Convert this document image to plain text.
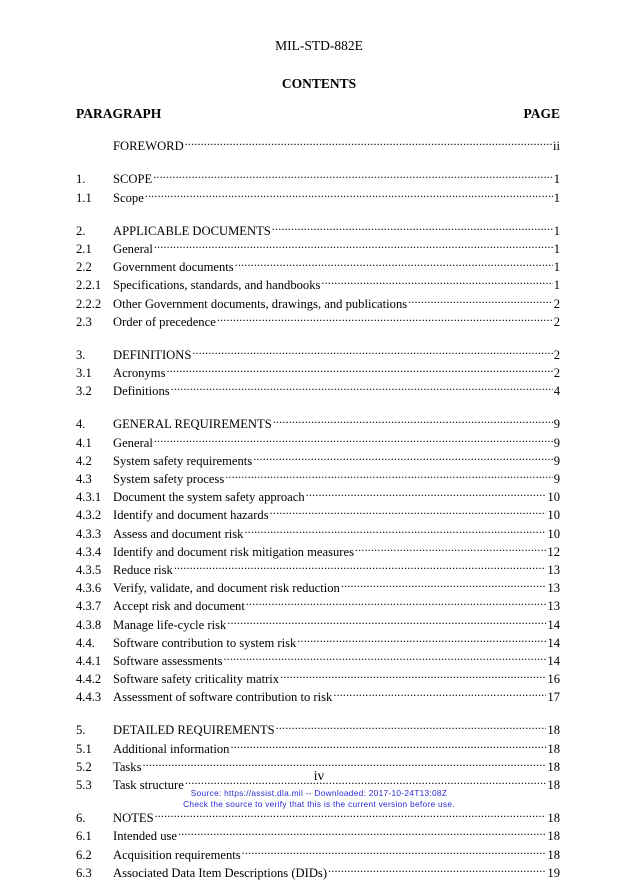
MIL-STD-882E
CONTENTS
PARAGRAPH	PAGE
FOREWORD .....	ii
1.	SCOPE .....	1
1.1	Scope .....	1
2.	APPLICABLE DOCUMENTS .....	1
2.1	General .....	1
2.2	Government documents .....	1
2.2.1 Specifications, standards, and handbooks .....	1
2.2.2 Other Government documents, drawings, and publications .....	2
2.3	Order of precedence .....	2
3.	DEFINITIONS .....	2
3.1	Acronyms .....	2
3.2	Definitions .....	4
4.	GENERAL REQUIREMENTS .....	9
4.1	General .....	9
4.2	System safety requirements .....	9
4.3	System safety process .....	9
4.3.1 Document the system safety approach .....	10
4.3.2 Identify and document hazards .....	10
4.3.3 Assess and document risk .....	10
4.3.4 Identify and document risk mitigation measures .....	12
4.3.5 Reduce risk .....	13
4.3.6 Verify, validate, and document risk reduction .....	13
4.3.7 Accept risk and document .....	13
4.3.8 Manage life-cycle risk .....	14
4.4.	Software contribution to system risk .....	14
4.4.1 Software assessments .....	14
4.4.2 Software safety criticality matrix .....	16
4.4.3 Assessment of software contribution to risk .....	17
5.	DETAILED REQUIREMENTS .....	18
5.1	Additional information .....	18
5.2	Tasks .....	18
5.3	Task structure .....	18
6.	NOTES .....	18
6.1	Intended use .....	18
6.2	Acquisition requirements .....	18
6.3	Associated Data Item Descriptions (DIDs) .....	19
iv
Source: https://assist.dla.mil -- Downloaded: 2017-10-24T13:08Z
Check the source to verify that this is the current version before use.
